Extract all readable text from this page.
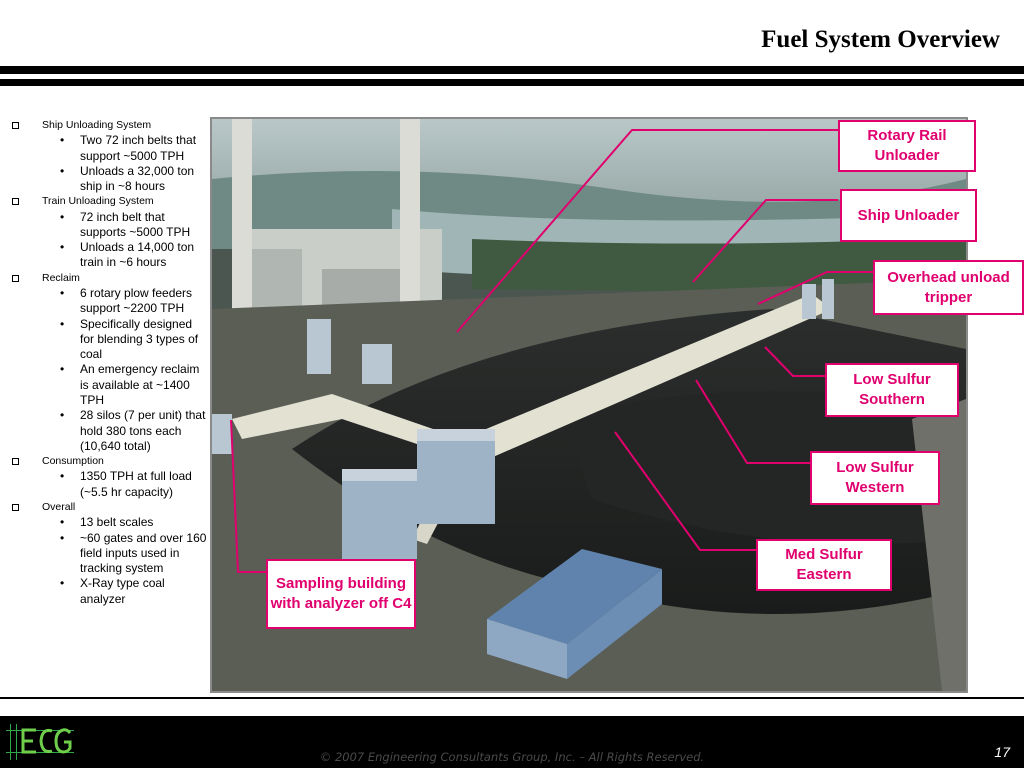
Fuel System Overview
Ship Unloading System
• Two 72 inch belts that support ~5000 TPH
• Unloads a 32,000 ton ship in ~8 hours
Train Unloading System
• 72 inch belt that supports ~5000 TPH
• Unloads a 14,000 ton train in ~6 hours
Reclaim
• 6 rotary plow feeders support ~2200 TPH
• Specifically designed for blending 3 types of coal
• An emergency reclaim is available at ~1400 TPH
• 28 silos (7 per unit) that hold 380 tons each (10,640 total)
Consumption
• 1350 TPH at full load (~5.5 hr capacity)
Overall
• 13 belt scales
• ~60 gates and over 160 field inputs used in tracking system
• X-Ray type coal analyzer
Rotary Rail Unloader
Ship Unloader
Overhead unload tripper
Low Sulfur Southern
Low Sulfur Western
Med Sulfur Eastern
Sampling building with analyzer off C4
© 2007 Engineering Consultants Group, Inc. – All Rights Reserved.	17
